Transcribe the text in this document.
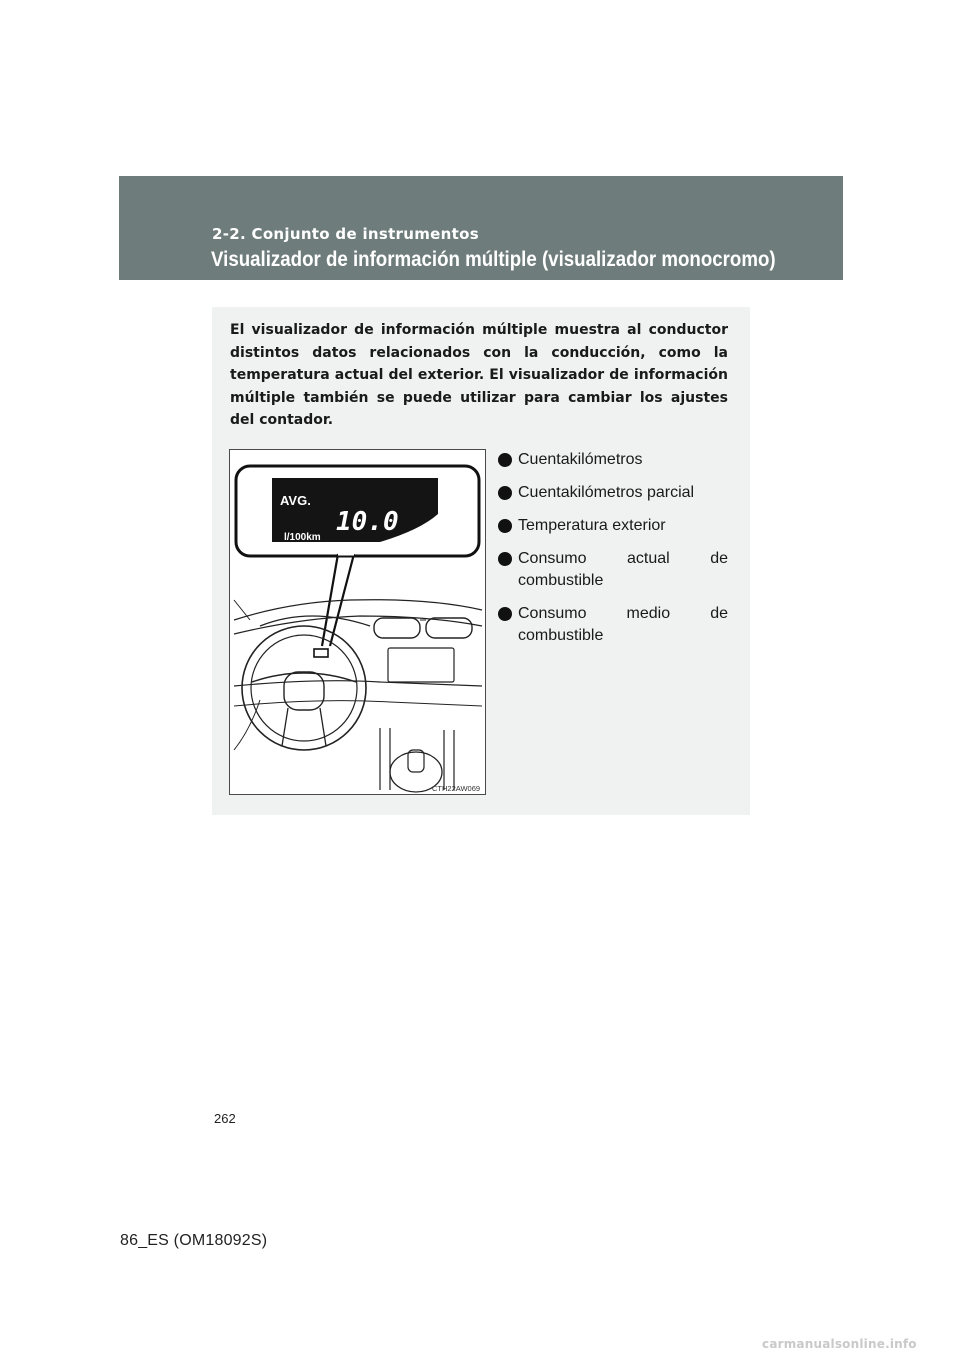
2-2. Conjunto de instrumentos
Visualizador de información múltiple (visualizador monocromo)

El visualizador de información múltiple muestra al conductor distintos datos relacionados con la conducción, como la temperatura actual del exterior. El visualizador de información múltiple también se puede utilizar para cambiar los ajustes del contador.

AVG.
10.0
l/100km
CTH22AW069
Cuentakilómetros
Cuentakilómetros parcial
Temperatura exterior
Consumo actual de combustible
Consumo medio de combustible
262
86_ES (OM18092S)
carmanualsonline.info
